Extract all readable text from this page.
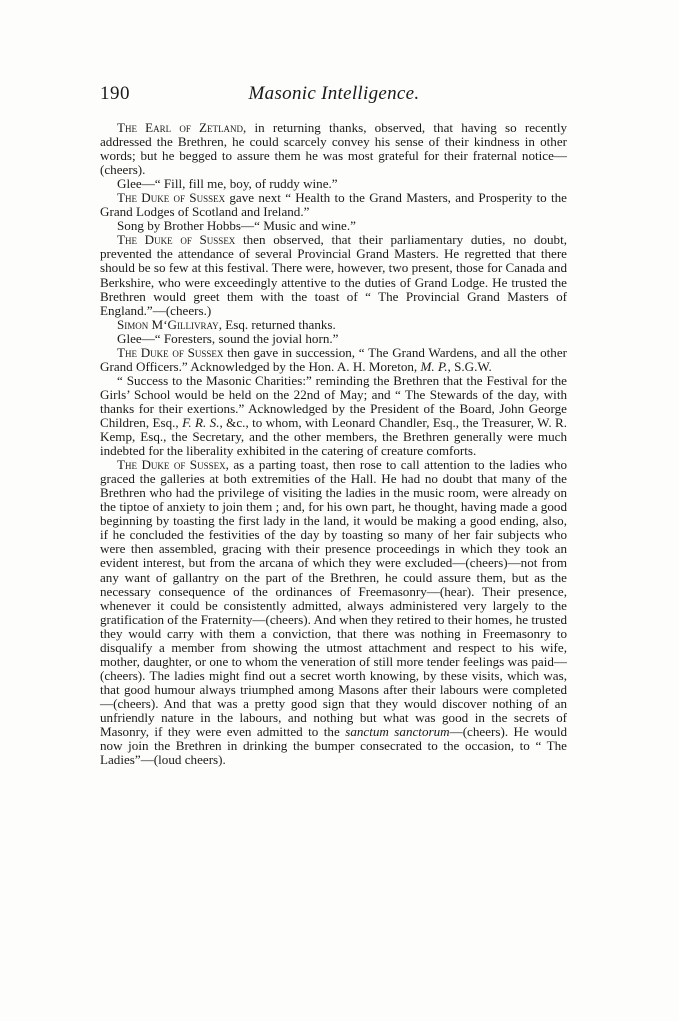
190	Masonic Intelligence.

The Earl of Zetland, in returning thanks, observed, that having so recently addressed the Brethren, he could scarcely convey his sense of their kindness in other words; but he begged to assure them he was most grateful for their fraternal notice—(cheers).

Glee—“ Fill, fill me, boy, of ruddy wine.”

The Duke of Sussex gave next “ Health to the Grand Masters, and Prosperity to the Grand Lodges of Scotland and Ireland.”

Song by Brother Hobbs—“ Music and wine.”

The Duke of Sussex then observed, that their parliamentary duties, no doubt, prevented the attendance of several Provincial Grand Masters. He regretted that there should be so few at this festival. There were, however, two present, those for Canada and Berkshire, who were exceedingly attentive to the duties of Grand Lodge. He trusted the Brethren would greet them with the toast of “ The Provincial Grand Masters of England.”—(cheers.)

Simon M‘Gillivray, Esq. returned thanks.

Glee—“ Foresters, sound the jovial horn.”

The Duke of Sussex then gave in succession, “ The Grand Wardens, and all the other Grand Officers.” Acknowledged by the Hon. A. H. Moreton, M. P., S.G.W.

“ Success to the Masonic Charities:” reminding the Brethren that the Festival for the Girls’ School would be held on the 22nd of May; and “ The Stewards of the day, with thanks for their exertions.” Acknowledged by the President of the Board, John George Children, Esq., F. R. S., &c., to whom, with Leonard Chandler, Esq., the Treasurer, W. R. Kemp, Esq., the Secretary, and the other members, the Brethren generally were much indebted for the liberality exhibited in the catering of creature comforts.

The Duke of Sussex, as a parting toast, then rose to call attention to the ladies who graced the galleries at both extremities of the Hall. He had no doubt that many of the Brethren who had the privilege of visiting the ladies in the music room, were already on the tiptoe of anxiety to join them ; and, for his own part, he thought, having made a good beginning by toasting the first lady in the land, it would be making a good ending, also, if he concluded the festivities of the day by toasting so many of her fair subjects who were then assembled, gracing with their presence proceedings in which they took an evident interest, but from the arcana of which they were excluded—(cheers)—not from any want of gallantry on the part of the Brethren, he could assure them, but as the necessary consequence of the ordinances of Freemasonry—(hear). Their presence, whenever it could be consistently admitted, always administered very largely to the gratification of the Fraternity—(cheers). And when they retired to their homes, he trusted they would carry with them a conviction, that there was nothing in Freemasonry to disqualify a member from showing the utmost attachment and respect to his wife, mother, daughter, or one to whom the veneration of still more tender feelings was paid—(cheers). The ladies might find out a secret worth knowing, by these visits, which was, that good humour always triumphed among Masons after their labours were completed—(cheers). And that was a pretty good sign that they would discover nothing of an unfriendly nature in the labours, and nothing but what was good in the secrets of Masonry, if they were even admitted to the sanctum sanctorum—(cheers). He would now join the Brethren in drinking the bumper consecrated to the occasion, to “ The Ladies”—(loud cheers).
